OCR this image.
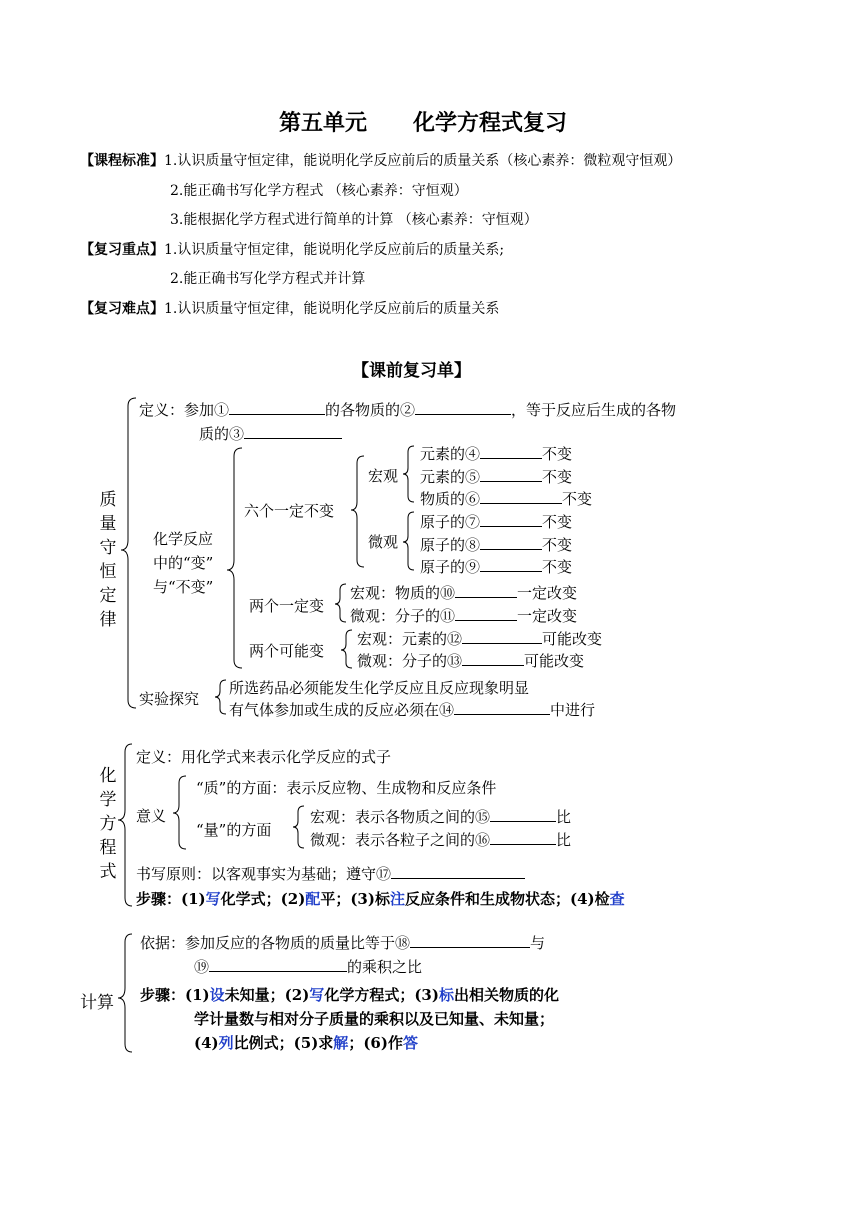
第五单元 化学方程式复习
【课程标准】1.认识质量守恒定律，能说明化学反应前后的质量关系（核心素养：微粒观守恒观）
2.能正确书写化学方程式 （核心素养：守恒观）
3.能根据化学方程式进行简单的计算 （核心素养：守恒观）
【复习重点】1.认识质量守恒定律，能说明化学反应前后的质量关系;
2.能正确书写化学方程式并计算
【复习难点】1.认识质量守恒定律，能说明化学反应前后的质量关系
【课前复习单】
质量守恒定律
定义：参加①	的各物质的②	，等于反应后生成的各物
质的③
化学反应
中的“变”
与“不变”
六个一定不变
宏观
微观
元素的④	不变
元素的⑤	不变
物质的⑥	不变
原子的⑦	不变
原子的⑧	不变
原子的⑨	不变
两个一定变
宏观：物质的⑩	一定改变
微观：分子的⑪	一定改变
两个可能变
宏观：元素的⑫	可能改变
微观：分子的⑬	可能改变
实验探究
所选药品必须能发生化学反应且反应现象明显
有气体参加或生成的反应必须在⑭	中进行
化学方程式
定义：用化学式来表示化学反应的式子
意义
“质”的方面：表示反应物、生成物和反应条件
“量”的方面
宏观：表示各物质之间的⑮	比
微观：表示各粒子之间的⑯	比
书写原则：以客观事实为基础；遵守⑰
步骤：(1)写化学式；(2)配平；(3)标注反应条件和生成物状态；(4)检查
计算
依据：参加反应的各物质的质量比等于⑱	与
⑲	的乘积之比
步骤：(1)设未知量；(2)写化学方程式；(3)标出相关物质的化
学计量数与相对分子质量的乘积以及已知量、未知量；
(4)列比例式；(5)求解；(6)作答
